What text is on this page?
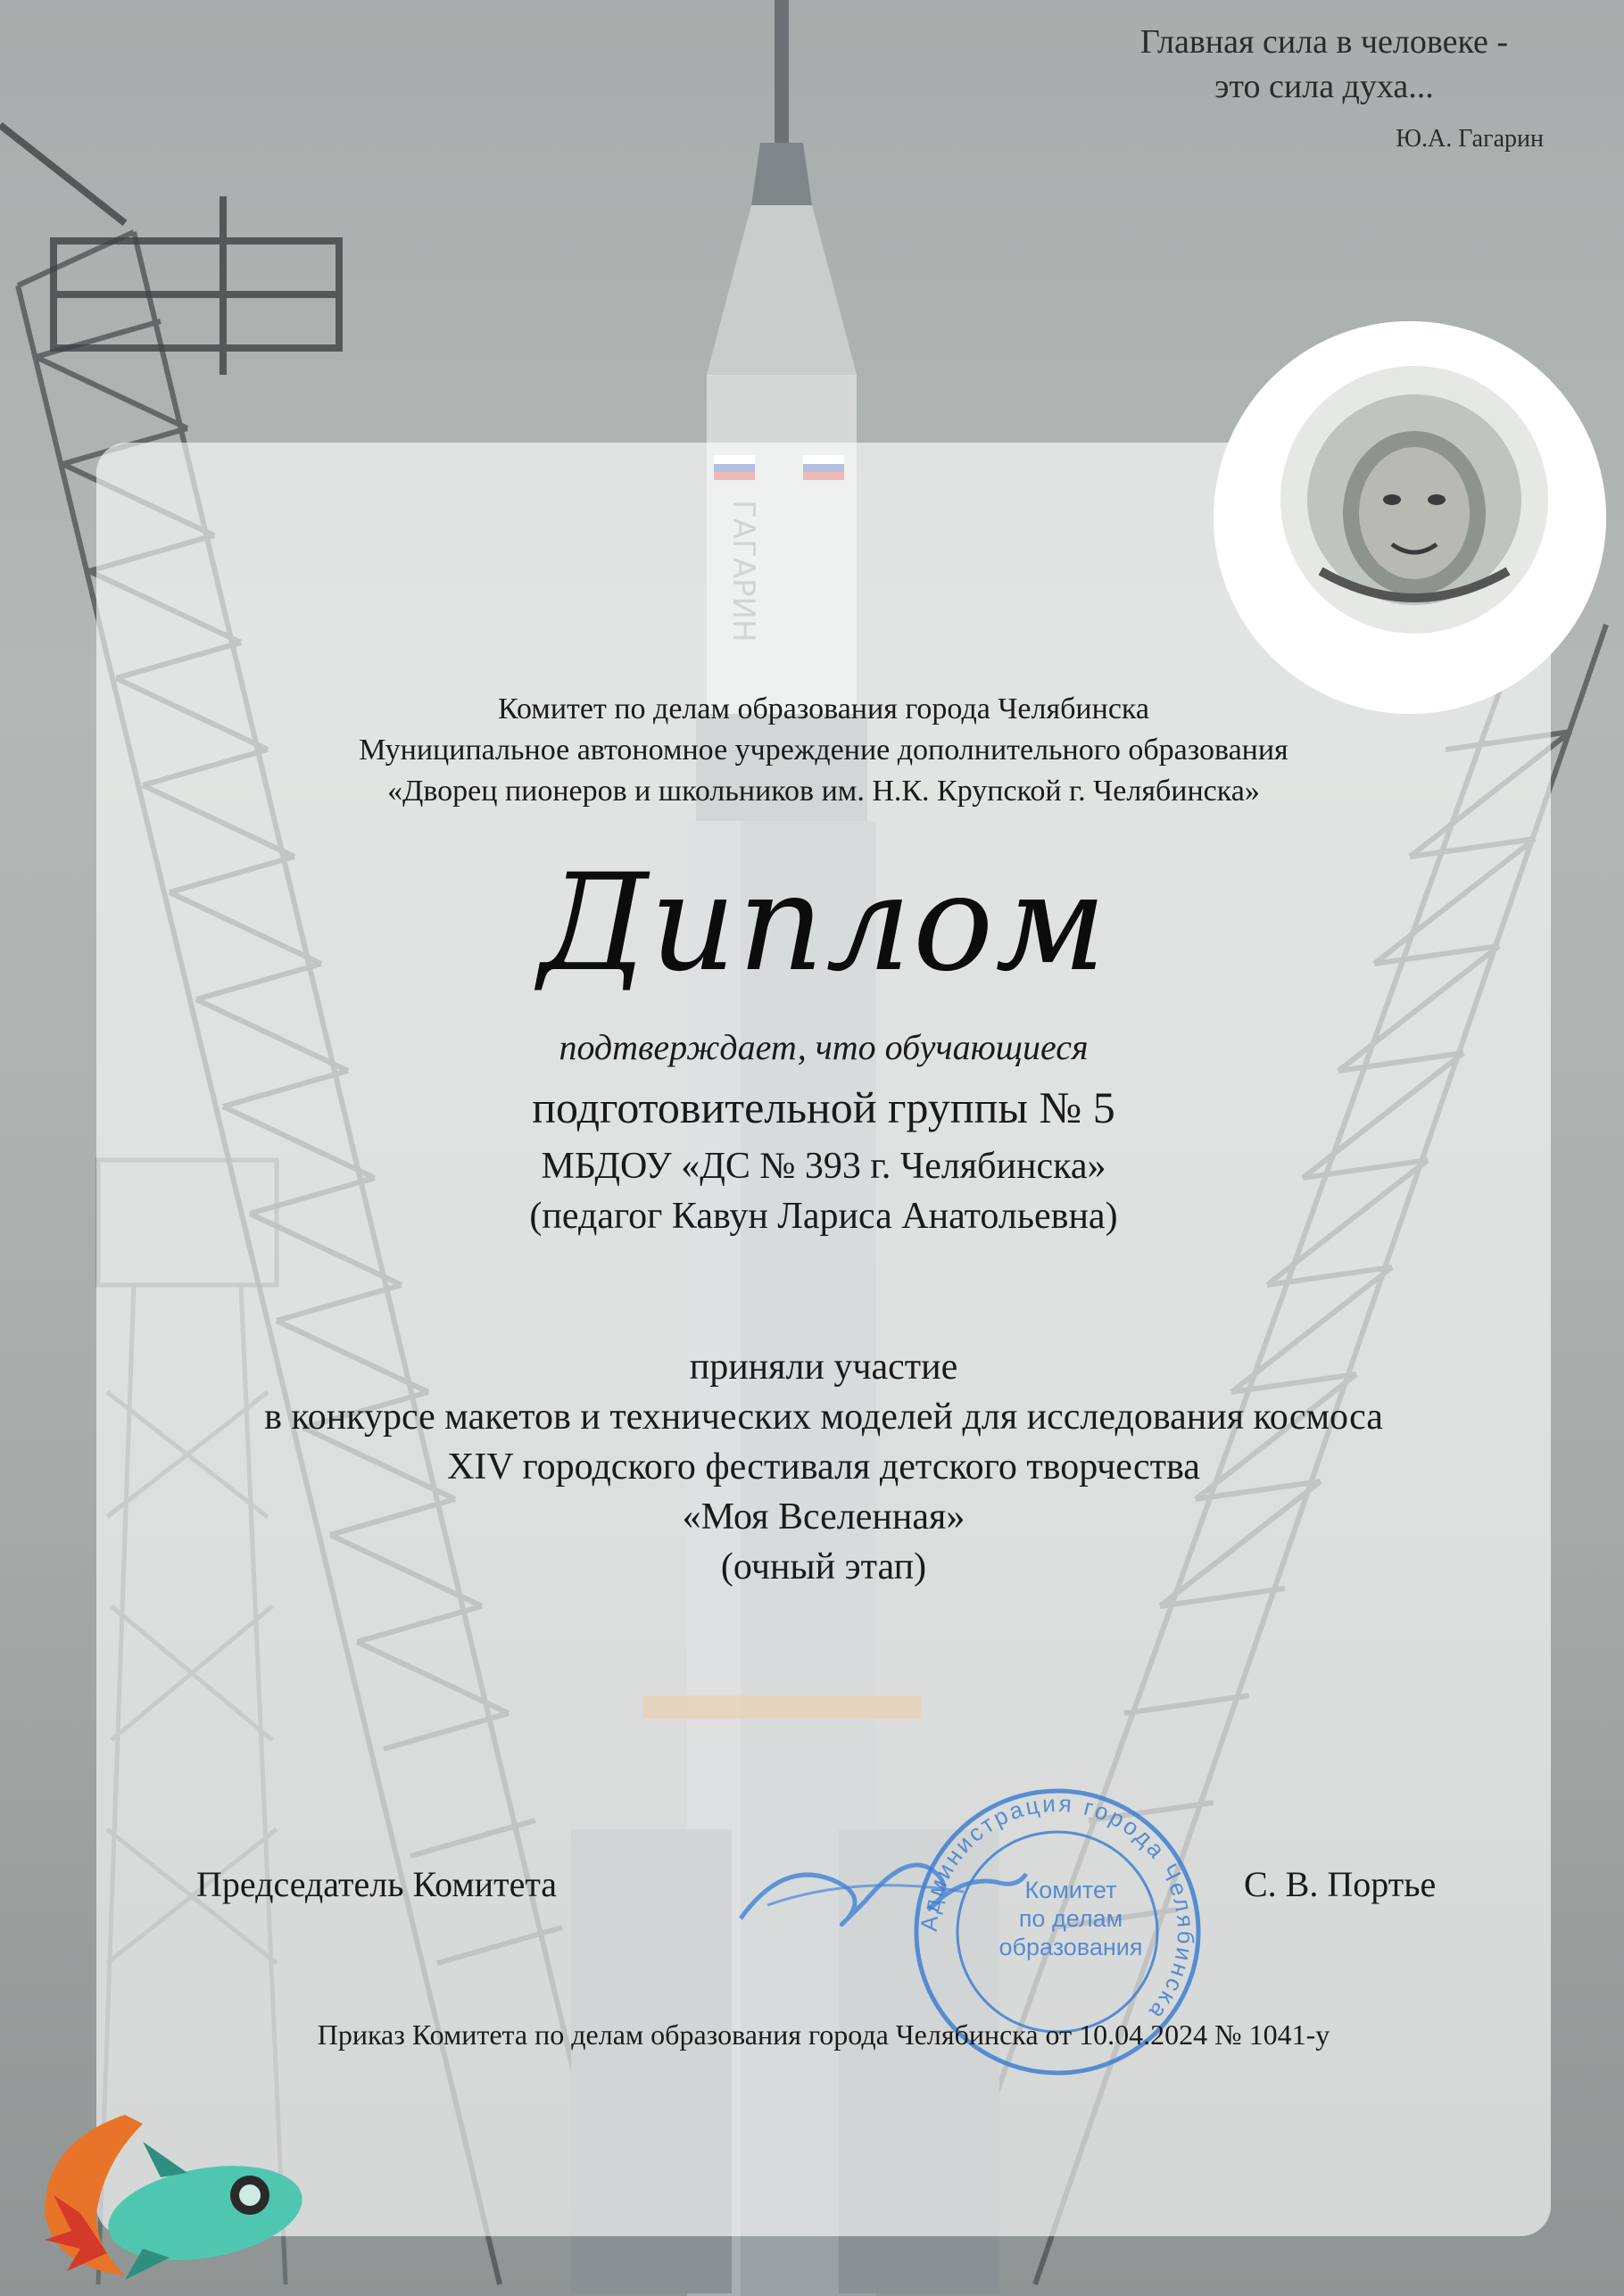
Главная сила в человеке -
это сила духа...
Ю.А. Гагарин
Комитет по делам образования города Челябинска
Муниципальное автономное учреждение дополнительного образования
«Дворец пионеров и школьников им. Н.К. Крупской г. Челябинска»
Диплом
подтверждает, что обучающиеся
подготовительной группы № 5
МБДОУ «ДС № 393 г. Челябинска»
(педагог Кавун Лариса Анатольевна)
приняли участие
в конкурсе макетов и технических моделей для исследования космоса
XIV городского фестиваля детского творчества
«Моя Вселенная»
(очный этап)
Председатель Комитета	С. В. Портье
Администрация города Челябинска
Комитет
по делам
образования
Приказ Комитета по делам образования города Челябинска от 10.04.2024 № 1041-у
